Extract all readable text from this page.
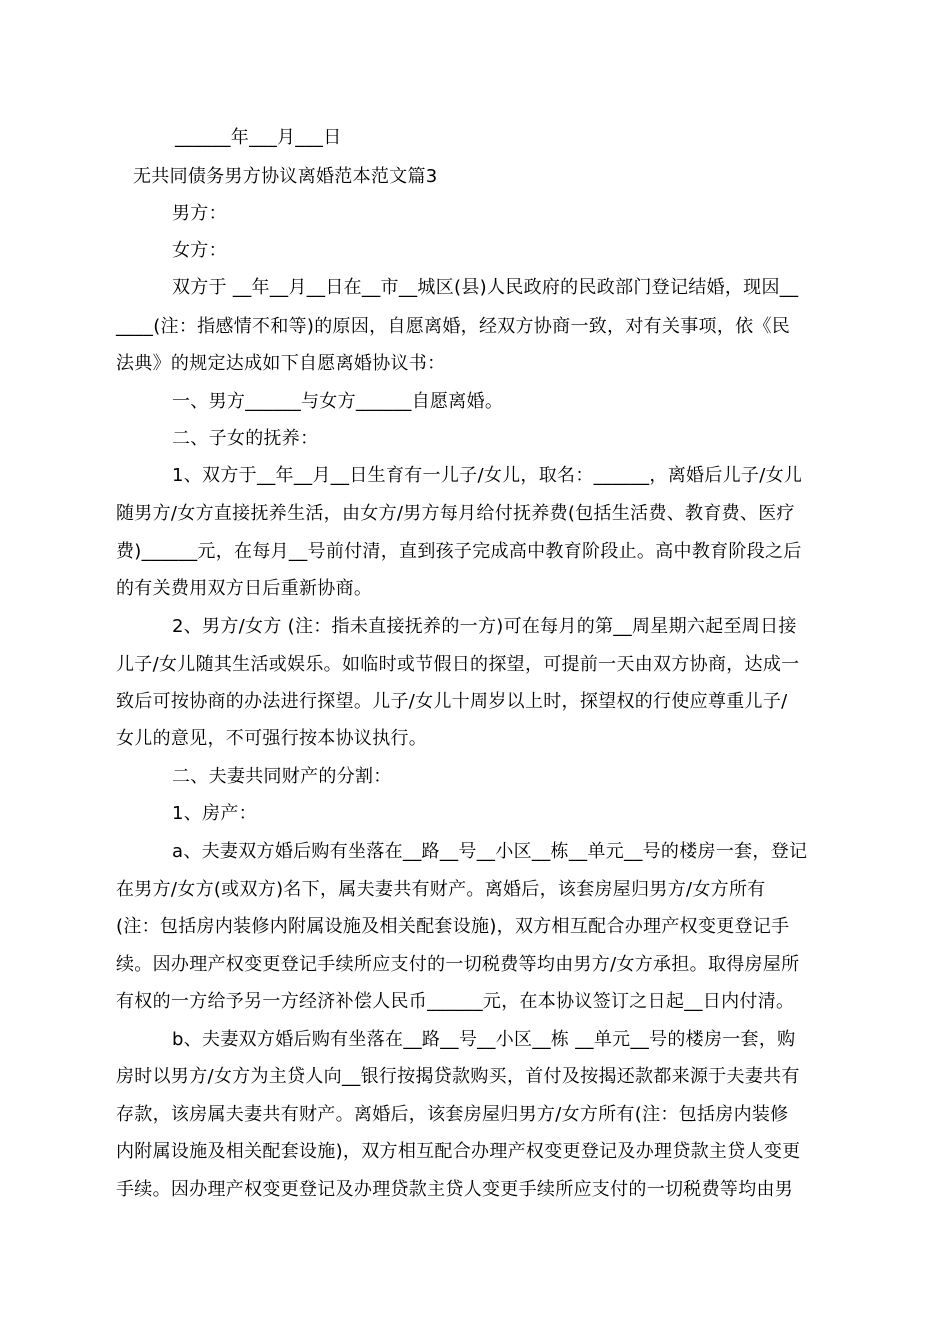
______年___月___日
无共同债务男方协议离婚范本范文篇3
男方：
女方：
双方于 __年__月__日在__市__城区(县)人民政府的民政部门登记结婚，现因__
____(注：指感情不和等)的原因，自愿离婚，经双方协商一致，对有关事项，依《民
法典》的规定达成如下自愿离婚协议书：
一、男方______与女方______自愿离婚。
二、子女的抚养：
1、双方于__年__月__日生育有一儿子/女儿，取名：______，离婚后儿子/女儿
随男方/女方直接抚养生活，由女方/男方每月给付抚养费(包括生活费、教育费、医疗
费)______元，在每月__号前付清，直到孩子完成高中教育阶段止。高中教育阶段之后
的有关费用双方日后重新协商。
2、男方/女方 (注：指未直接抚养的一方)可在每月的第__周星期六起至周日接
儿子/女儿随其生活或娱乐。如临时或节假日的探望，可提前一天由双方协商，达成一
致后可按协商的办法进行探望。儿子/女儿十周岁以上时，探望权的行使应尊重儿子/
女儿的意见，不可强行按本协议执行。
二、夫妻共同财产的分割：
1、房产：
a、夫妻双方婚后购有坐落在__路__号__小区__栋__单元__号的楼房一套，登记
在男方/女方(或双方)名下，属夫妻共有财产。离婚后，该套房屋归男方/女方所有
(注：包括房内装修内附属设施及相关配套设施)，双方相互配合办理产权变更登记手
续。因办理产权变更登记手续所应支付的一切税费等均由男方/女方承担。取得房屋所
有权的一方给予另一方经济补偿人民币______元，在本协议签订之日起__日内付清。
b、夫妻双方婚后购有坐落在__路__号__小区__栋 __单元__号的楼房一套，购
房时以男方/女方为主贷人向__银行按揭贷款购买，首付及按揭还款都来源于夫妻共有
存款，该房属夫妻共有财产。离婚后，该套房屋归男方/女方所有(注：包括房内装修
内附属设施及相关配套设施)，双方相互配合办理产权变更登记及办理贷款主贷人变更
手续。因办理产权变更登记及办理贷款主贷人变更手续所应支付的一切税费等均由男
